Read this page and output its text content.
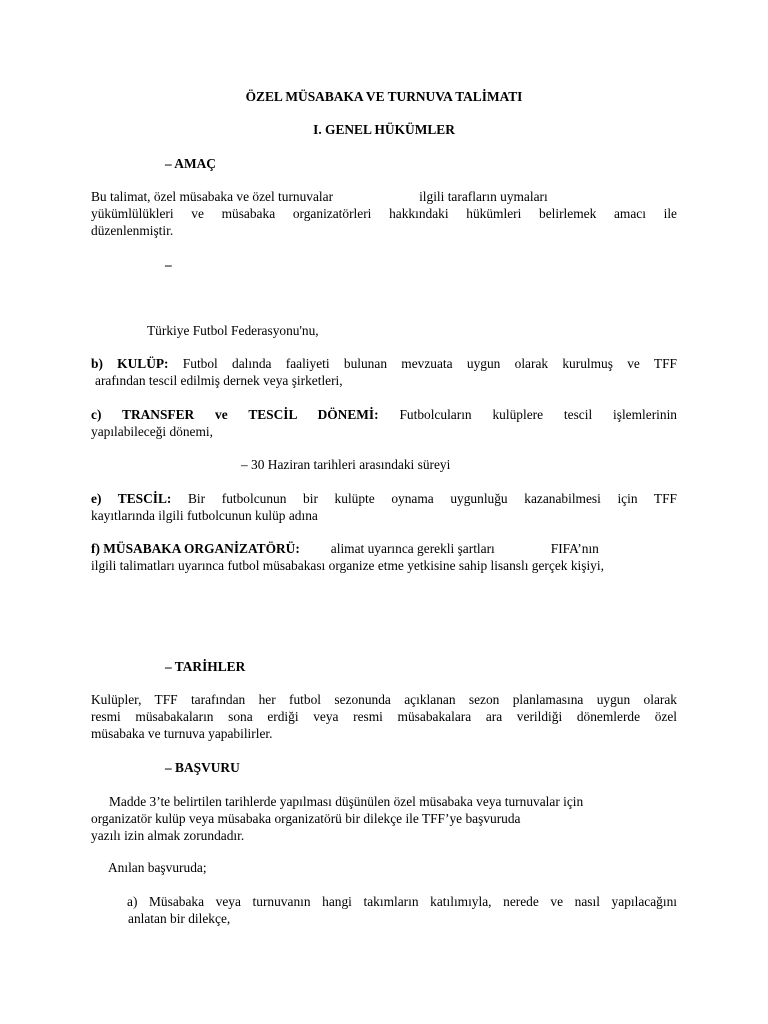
ÖZEL MÜSABAKA VE TURNUVA TALİMATI

I. GENEL HÜKÜMLER

– AMAÇ

Bu talimat, özel müsabaka ve özel turnuvalar	ilgili tarafların uymaları
yükümlülükleri ve müsabaka organizatörleri hakkındaki hükümleri belirlemek amacı ile
düzenlenmiştir.

–

Türkiye Futbol Federasyonu'nu,

b) KULÜP: Futbol dalında faaliyeti bulunan mevzuata uygun olarak kurulmuş ve TFF
arafından tescil edilmiş dernek veya şirketleri,
c) TRANSFER ve TESCİL DÖNEMİ: Futbolcuların kulüplere tescil işlemlerinin
yapılabileceği dönemi,

– 30 Haziran tarihleri arasındaki süreyi

e) TESCİL: Bir futbolcunun bir kulüpte oynama uygunluğu kazanabilmesi için TFF
kayıtlarında ilgili futbolcunun kulüp adına
f) MÜSABAKA ORGANİZATÖRÜ: alimat uyarınca gerekli şartları	FIFA’nın
ilgili talimatları uyarınca futbol müsabakası organize etme yetkisine sahip lisanslı gerçek kişiyi,

– TARİHLER

Kulüpler, TFF tarafından her futbol sezonunda açıklanan sezon planlamasına uygun olarak
resmi müsabakaların sona erdiği veya resmi müsabakalara ara verildiği dönemlerde özel
müsabaka ve turnuva yapabilirler.

– BAŞVURU

Madde 3’te belirtilen tarihlerde yapılması düşünülen özel müsabaka veya turnuvalar için
organizatör kulüp veya müsabaka organizatörü bir dilekçe ile TFF’ye başvuruda
yazılı izin almak zorundadır.

Anılan başvuruda;

a) Müsabaka veya turnuvanın hangi takımların katılımıyla, nerede ve nasıl yapılacağını
anlatan bir dilekçe,
